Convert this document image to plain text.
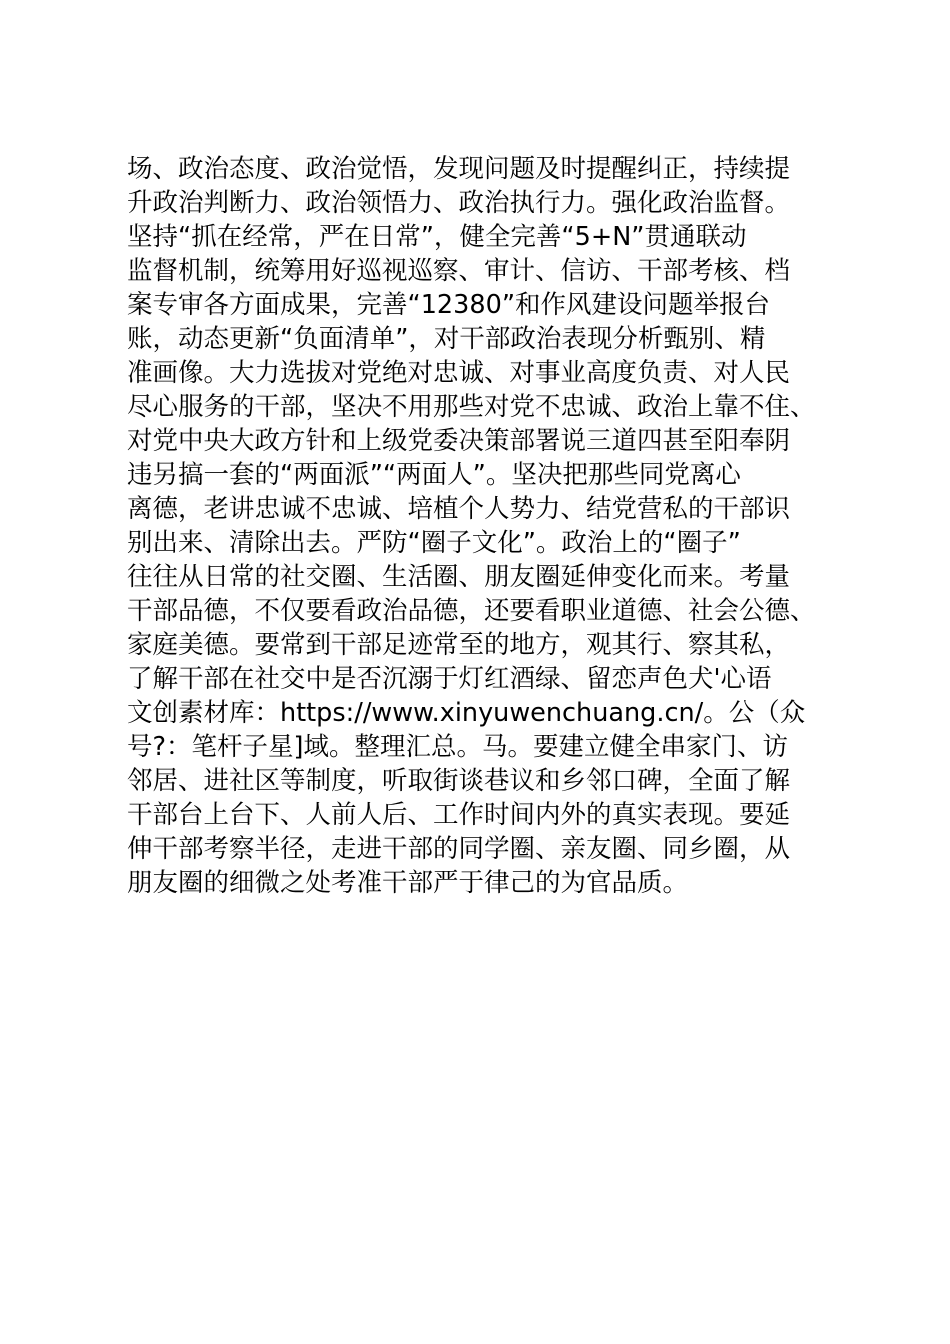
场、政治态度、政治觉悟，发现问题及时提醒纠正，持续提
升政治判断力、政治领悟力、政治执行力。强化政治监督。
坚持“抓在经常，严在日常”，健全完善“5+N”贯通联动
监督机制，统筹用好巡视巡察、审计、信访、干部考核、档
案专审各方面成果，完善“12380”和作风建设问题举报台
账，动态更新“负面清单”，对干部政治表现分析甄别、精
准画像。大力选拔对党绝对忠诚、对事业高度负责、对人民
尽心服务的干部，坚决不用那些对党不忠诚、政治上靠不住、
对党中央大政方针和上级党委决策部署说三道四甚至阳奉阴
违另搞一套的“两面派”“两面人”。坚决把那些同党离心
离德，老讲忠诚不忠诚、培植个人势力、结党营私的干部识
别出来、清除出去。严防“圈子文化”。政治上的“圈子”
往往从日常的社交圈、生活圈、朋友圈延伸变化而来。考量
干部品德，不仅要看政治品德，还要看职业道德、社会公德、
家庭美德。要常到干部足迹常至的地方，观其行、察其私，
了解干部在社交中是否沉溺于灯红酒绿、留恋声色犬'心语
文创素材库：https://www.xinyuwenchuang.cn/。公（众
号?：笔杆子星]域。整理汇总。马。要建立健全串家门、访
邻居、进社区等制度，听取街谈巷议和乡邻口碑，全面了解
干部台上台下、人前人后、工作时间内外的真实表现。要延
伸干部考察半径，走进干部的同学圈、亲友圈、同乡圈，从
朋友圈的细微之处考准干部严于律己的为官品质。
